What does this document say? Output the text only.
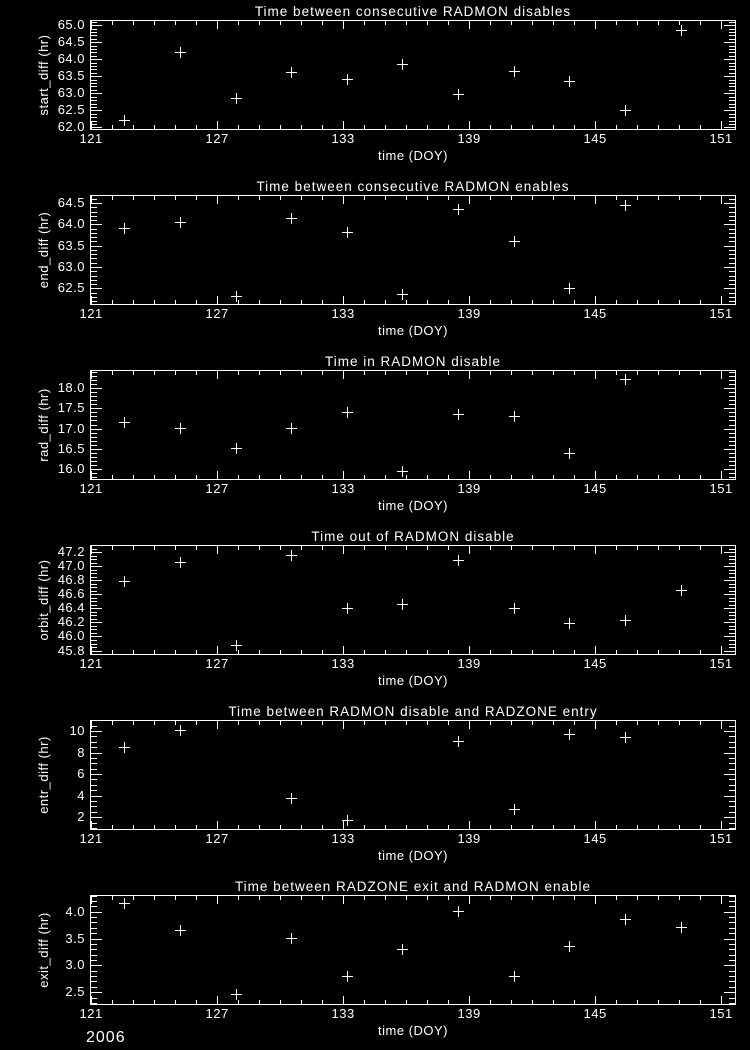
Time between consecutive RADMON disables
start_diff (hr)
time (DOY)
62.0
62.5
63.0
63.5
64.0
64.5
65.0
121	127	133	139	145	151
Time between consecutive RADMON enables
end_diff (hr)
time (DOY)
62.5
63.0
63.5
64.0
64.5
121	127	133	139	145	151
Time in RADMON disable
rad_diff (hr)
time (DOY)
16.0
16.5
17.0
17.5
18.0
121	127	133	139	145	151
Time out of RADMON disable
orbit_diff (hr)
time (DOY)
45.8
46.0
46.2
46.4
46.6
46.8
47.0
47.2
121	127	133	139	145	151
Time between RADMON disable and RADZONE entry
entr_diff (hr)
time (DOY)
2
4
6
8
10
121	127	133	139	145	151
Time between RADZONE exit and RADMON enable
exit_diff (hr)
time (DOY)
2.5
3.0
3.5
4.0
121	127	133	139	145	151
2006
